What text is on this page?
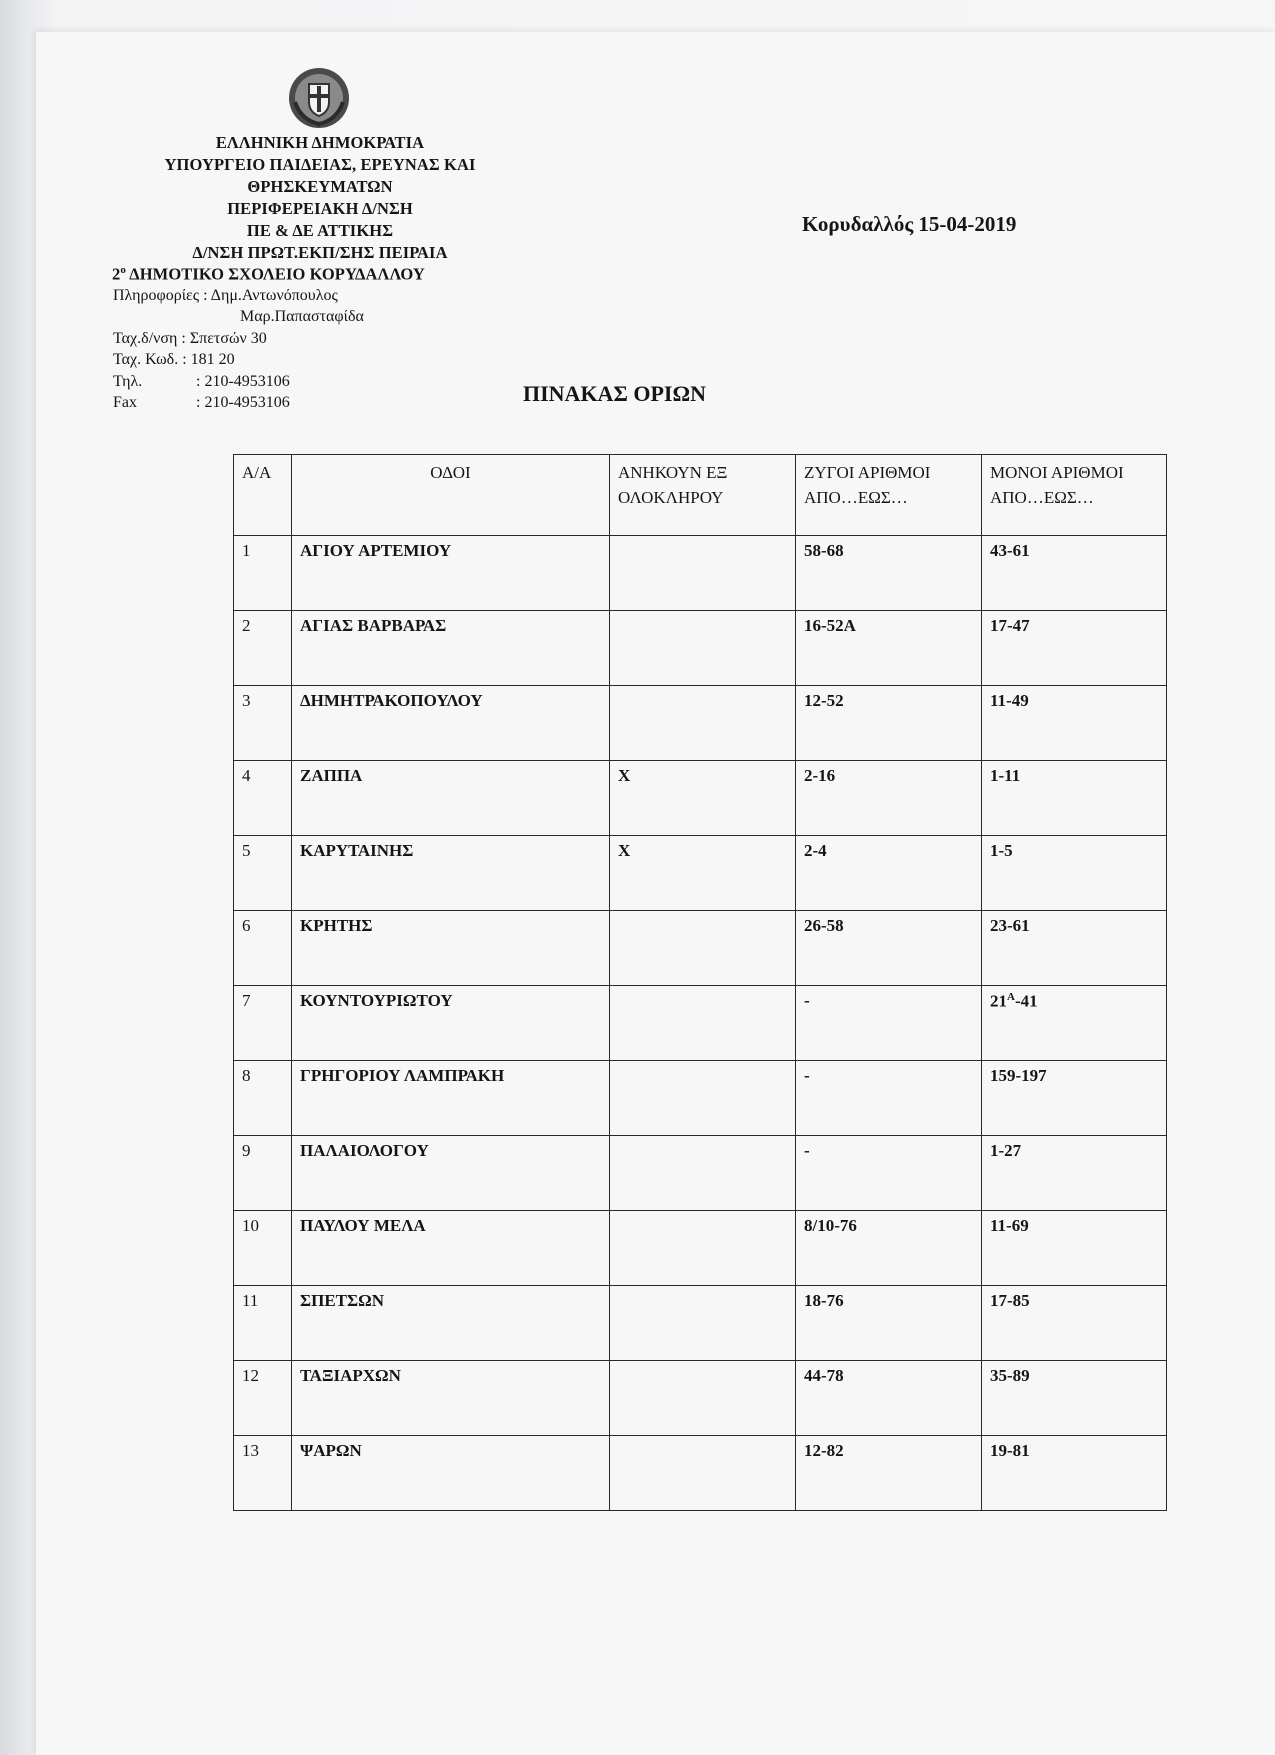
ΕΛΛΗΝΙΚΗ ΔΗΜΟΚΡΑΤΙΑ
ΥΠΟΥΡΓΕΙΟ ΠΑΙΔΕΙΑΣ, ΕΡΕΥΝΑΣ ΚΑΙ
ΘΡΗΣΚΕΥΜΑΤΩΝ
ΠΕΡΙΦΕΡΕΙΑΚΗ Δ/ΝΣΗ
ΠΕ & ΔΕ ΑΤΤΙΚΗΣ
Δ/ΝΣΗ ΠΡΩΤ.ΕΚΠ/ΣΗΣ ΠΕΙΡΑΙΑ
$2^o$ ΔΗΜΟΤΙΚΟ ΣΧΟΛΕΙΟ ΚΟΡΥΔΑΛΛΟΥ
Πληροφορίες : Δημ.Αντωνόπουλος
Μαρ.Παπασταφίδα
Ταχ.δ/νση : Σπετσών 30
Ταχ. Κωδ. : 181 20
Τηλ.	: 210-4953106
Fax	: 210-4953106
Κορυδαλλός 15-04-2019
ΠΙΝΑΚΑΣ ΟΡΙΩΝ
Α/Α	ΟΔΟΙ	ΑΝΗΚΟΥΝ ΕΞ ΟΛΟΚΛΗΡΟΥ	ΖΥΓΟΙ ΑΡΙΘΜΟΙ ΑΠΟ…ΕΩΣ…	ΜΟΝΟΙ ΑΡΙΘΜΟΙ ΑΠΟ…ΕΩΣ…
1	ΑΓΙΟΥ ΑΡΤΕΜΙΟΥ		58-68	43-61
2	ΑΓΙΑΣ ΒΑΡΒΑΡΑΣ		16-52Α	17-47
3	ΔΗΜΗΤΡΑΚΟΠΟΥΛΟΥ		12-52	11-49
4	ΖΑΠΠΑ	Χ	2-16	1-11
5	ΚΑΡΥΤΑΙΝΗΣ	Χ	2-4	1-5
6	ΚΡΗΤΗΣ		26-58	23-61
7	ΚΟΥΝΤΟΥΡΙΩΤΟΥ		-	$21^A-41$
8	ΓΡΗΓΟΡΙΟΥ ΛΑΜΠΡΑΚΗ		-	159-197
9	ΠΑΛΑΙΟΛΟΓΟΥ		-	1-27
10	ΠΑΥΛΟΥ ΜΕΛΑ		8/10-76	11-69
11	ΣΠΕΤΣΩΝ		18-76	17-85
12	ΤΑΞΙΑΡΧΩΝ		44-78	35-89
13	ΨΑΡΩΝ		12-82	19-81
